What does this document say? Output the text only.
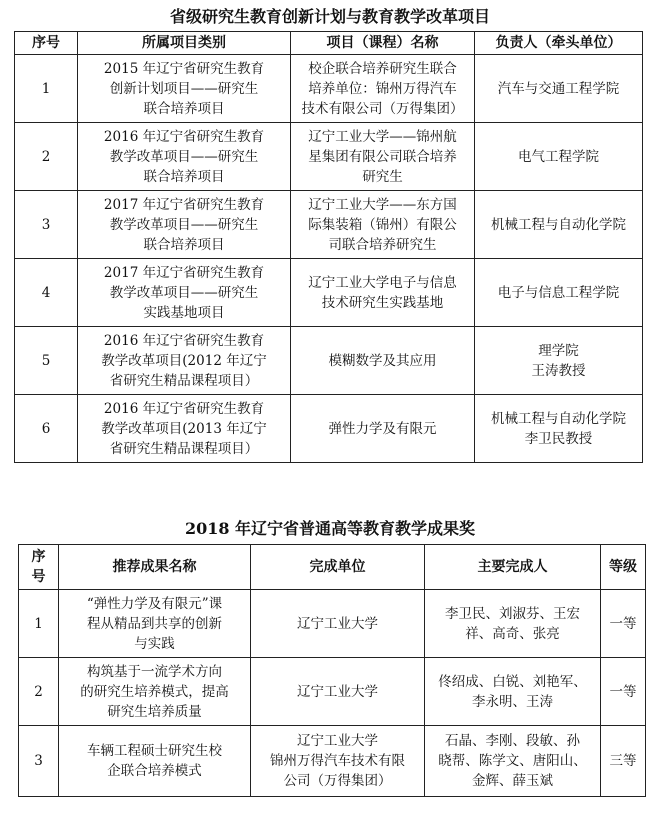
省级研究生教育创新计划与教育教学改革项目
序号	所属项目类别	项目（课程）名称	负责人（牵头单位）
1	2015 年辽宁省研究生教育
创新计划项目——研究生
联合培养项目	校企联合培养研究生联合
培养单位：锦州万得汽车
技术有限公司（万得集团）	汽车与交通工程学院
2	2016 年辽宁省研究生教育
教学改革项目——研究生
联合培养项目	辽宁工业大学——锦州航
星集团有限公司联合培养
研究生	电气工程学院
3	2017 年辽宁省研究生教育
教学改革项目——研究生
联合培养项目	辽宁工业大学——东方国
际集装箱（锦州）有限公
司联合培养研究生	机械工程与自动化学院
4	2017 年辽宁省研究生教育
教学改革项目——研究生
实践基地项目	辽宁工业大学电子与信息
技术研究生实践基地	电子与信息工程学院
5	2016 年辽宁省研究生教育
教学改革项目(2012 年辽宁
省研究生精品课程项目）	模糊数学及其应用	理学院
王涛教授
6	2016 年辽宁省研究生教育
教学改革项目(2013 年辽宁
省研究生精品课程项目）	弹性力学及有限元	机械工程与自动化学院
李卫民教授
2018 年辽宁省普通高等教育教学成果奖
序
号	推荐成果名称	完成单位	主要完成人	等级
1	“弹性力学及有限元”课
程从精品到共享的创新
与实践	辽宁工业大学	李卫民、刘淑芬、王宏
祥、高奇、张亮	一等
2	构筑基于一流学术方向
的研究生培养模式，提高
研究生培养质量	辽宁工业大学	佟绍成、白锐、刘艳军、
李永明、王涛	一等
3	车辆工程硕士研究生校
企联合培养模式	辽宁工业大学
锦州万得汽车技术有限
公司（万得集团）	石晶、李刚、段敏、孙
晓帮、陈学文、唐阳山、
金辉、薛玉斌	三等
